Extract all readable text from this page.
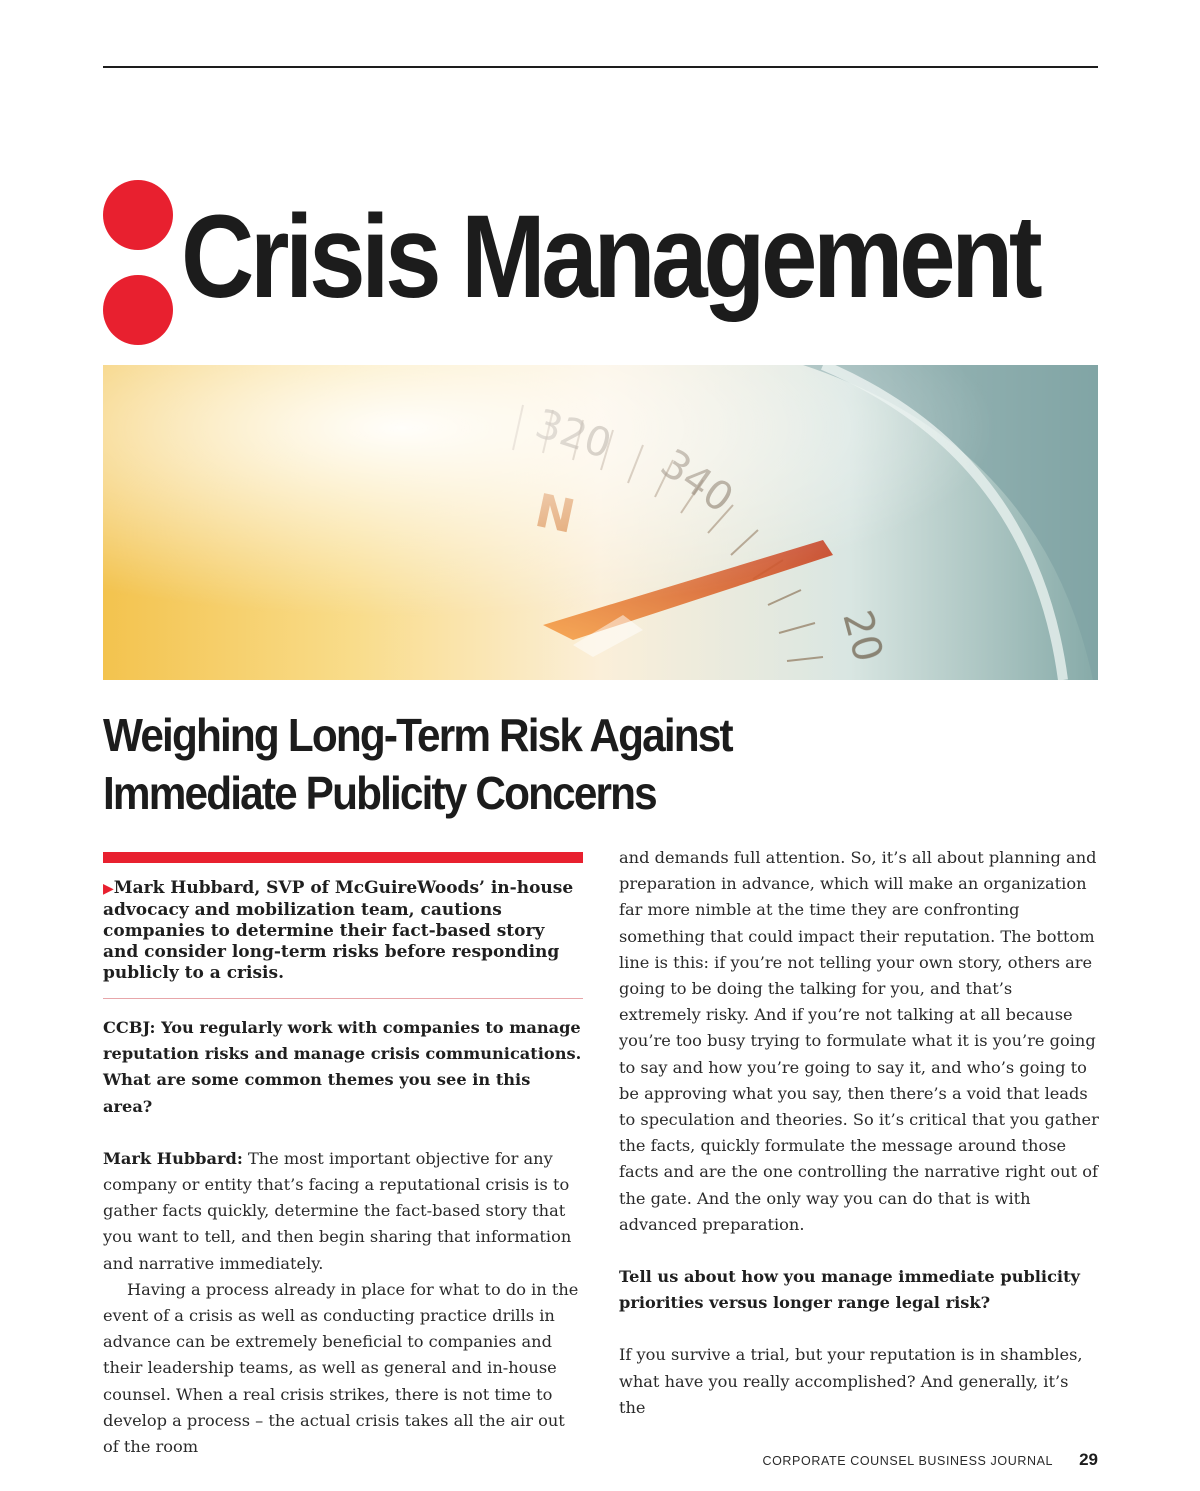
Crisis Management
Weighing Long-Term Risk Against
Immediate Publicity Concerns

▶Mark Hubbard, SVP of McGuireWoods’ in-house advocacy and mobilization team, cautions companies to determine their fact-based story and consider long-term risks before responding publicly to a crisis.

CCBJ: You regularly work with companies to manage reputation risks and manage crisis communications. What are some common themes you see in this area?

Mark Hubbard: The most important objective for any company or entity that’s facing a reputational crisis is to gather facts quickly, determine the fact-based story that you want to tell, and then begin sharing that information and narrative immediately.

Having a process already in place for what to do in the event of a crisis as well as conducting practice drills in advance can be extremely beneficial to companies and their leadership teams, as well as general and in-house counsel. When a real crisis strikes, there is not time to develop a process – the actual crisis takes all the air out of the room

and demands full attention. So, it’s all about planning and preparation in advance, which will make an organization far more nimble at the time they are confronting something that could impact their reputation. The bottom line is this: if you’re not telling your own story, others are going to be doing the talking for you, and that’s extremely risky. And if you’re not talking at all because you’re too busy trying to formulate what it is you’re going to say and how you’re going to say it, and who’s going to be approving what you say, then there’s a void that leads to speculation and theories. So it’s critical that you gather the facts, quickly formulate the message around those facts and are the one controlling the narrative right out of the gate. And the only way you can do that is with advanced preparation.

Tell us about how you manage immediate publicity priorities versus longer range legal risk?

If you survive a trial, but your reputation is in shambles, what have you really accomplished? And generally, it’s the

CORPORATE COUNSEL BUSINESS JOURNAL 29
